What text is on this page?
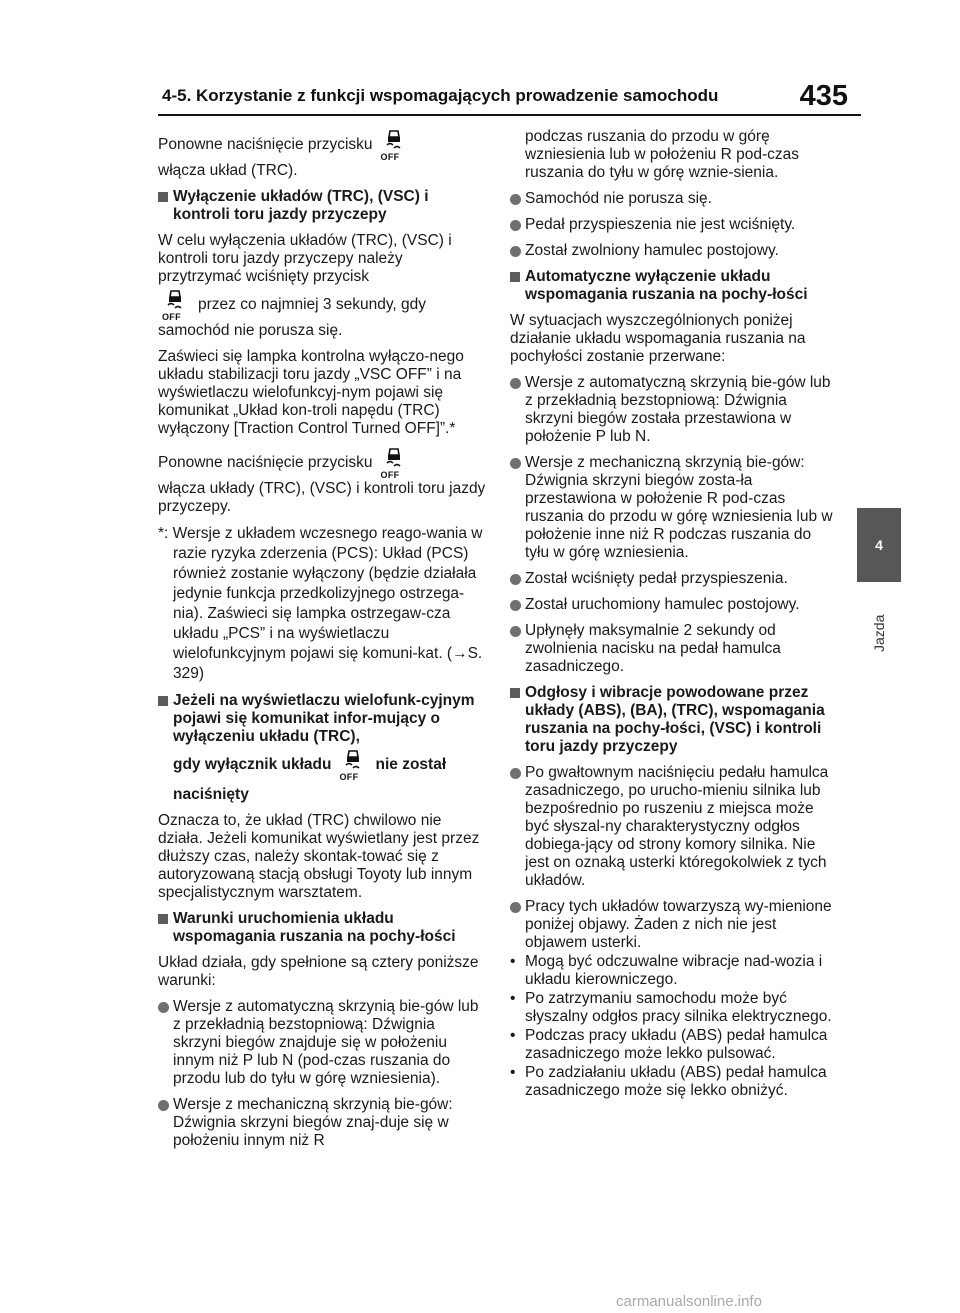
4-5. Korzystanie z funkcji wspomagających prowadzenie samochodu	435
4
Jazda
Ponowne naciśnięcie przycisku
OFF

włącza układ (TRC).

Wyłączenie układów (TRC), (VSC) i kontroli toru jazdy przyczepy

W celu wyłączenia układów (TRC), (VSC) i kontroli toru jazdy przyczepy należy przytrzymać wciśnięty przycisk

OFF
przez co najmniej 3 sekundy, gdy

samochód nie porusza się.

Zaświeci się lampka kontrolna wyłączo-nego układu stabilizacji toru jazdy „VSC OFF” i na wyświetlaczu wielofunkcyj-nym pojawi się komunikat „Układ kon-troli napędu (TRC) wyłączony [Traction Control Turned OFF]”.*

Ponowne naciśnięcie przycisku
OFF

włącza układy (TRC), (VSC) i kontroli toru jazdy przyczepy.

*: Wersje z układem wczesnego reago-wania w razie ryzyka zderzenia (PCS): Układ (PCS) również zostanie wyłączony (będzie działała jedynie funkcja przedkolizyjnego ostrzega-nia). Zaświeci się lampka ostrzegaw-cza układu „PCS” i na wyświetlaczu wielofunkcyjnym pojawi się komuni-kat. (→S. 329)

Jeżeli na wyświetlaczu wielofunk-cyjnym pojawi się komunikat infor-mujący o wyłączeniu układu (TRC),
gdy wyłącznik układu
OFF
nie został
naciśnięty

Oznacza to, że układ (TRC) chwilowo nie działa. Jeżeli komunikat wyświetlany jest przez dłuższy czas, należy skontak-tować się z autoryzowaną stacją obsługi Toyoty lub innym specjalistycznym warsztatem.

Warunki uruchomienia układu wspomagania ruszania na pochy-łości

Układ działa, gdy spełnione są cztery poniższe warunki:

Wersje z automatyczną skrzynią bie-gów lub z przekładnią bezstopniową: Dźwignia skrzyni biegów znajduje się w położeniu innym niż P lub N (pod-czas ruszania do przodu lub do tyłu w górę wzniesienia).
Wersje z mechaniczną skrzynią bie-gów: Dźwignia skrzyni biegów znaj-duje się w położeniu innym niż R

podczas ruszania do przodu w górę wzniesienia lub w położeniu R pod-czas ruszania do tyłu w górę wznie-sienia.

Samochód nie porusza się.
Pedał przyspieszenia nie jest wciśnięty.
Został zwolniony hamulec postojowy.
Automatyczne wyłączenie układu wspomagania ruszania na pochy-łości

W sytuacjach wyszczególnionych poniżej działanie układu wspomagania ruszania na pochyłości zostanie przerwane:

Wersje z automatyczną skrzynią bie-gów lub z przekładnią bezstopniową: Dźwignia skrzyni biegów została przestawiona w położenie P lub N.
Wersje z mechaniczną skrzynią bie-gów: Dźwignia skrzyni biegów zosta-ła przestawiona w położenie R pod-czas ruszania do przodu w górę wzniesienia lub w położenie inne niż R podczas ruszania do tyłu w górę wzniesienia.
Został wciśnięty pedał przyspieszenia.
Został uruchomiony hamulec postojowy.
Upłynęły maksymalnie 2 sekundy od zwolnienia nacisku na pedał hamulca zasadniczego.
Odgłosy i wibracje powodowane przez układy (ABS), (BA), (TRC), wspomagania ruszania na pochy-łości, (VSC) i kontroli toru jazdy przyczepy
Po gwałtownym naciśnięciu pedału hamulca zasadniczego, po urucho-mieniu silnika lub bezpośrednio po ruszeniu z miejsca może być słyszal-ny charakterystyczny odgłos dobiega-jący od strony komory silnika. Nie jest on oznaką usterki któregokolwiek z tych układów.
Pracy tych układów towarzyszą wy-mienione poniżej objawy. Żaden z nich nie jest objawem usterki.
• Mogą być odczuwalne wibracje nad-wozia i układu kierowniczego.
• Po zatrzymaniu samochodu może być słyszalny odgłos pracy silnika elektrycznego.
• Podczas pracy układu (ABS) pedał hamulca zasadniczego może lekko pulsować.
• Po zadziałaniu układu (ABS) pedał hamulca zasadniczego może się lekko obniżyć.
carmanualsonline.info
